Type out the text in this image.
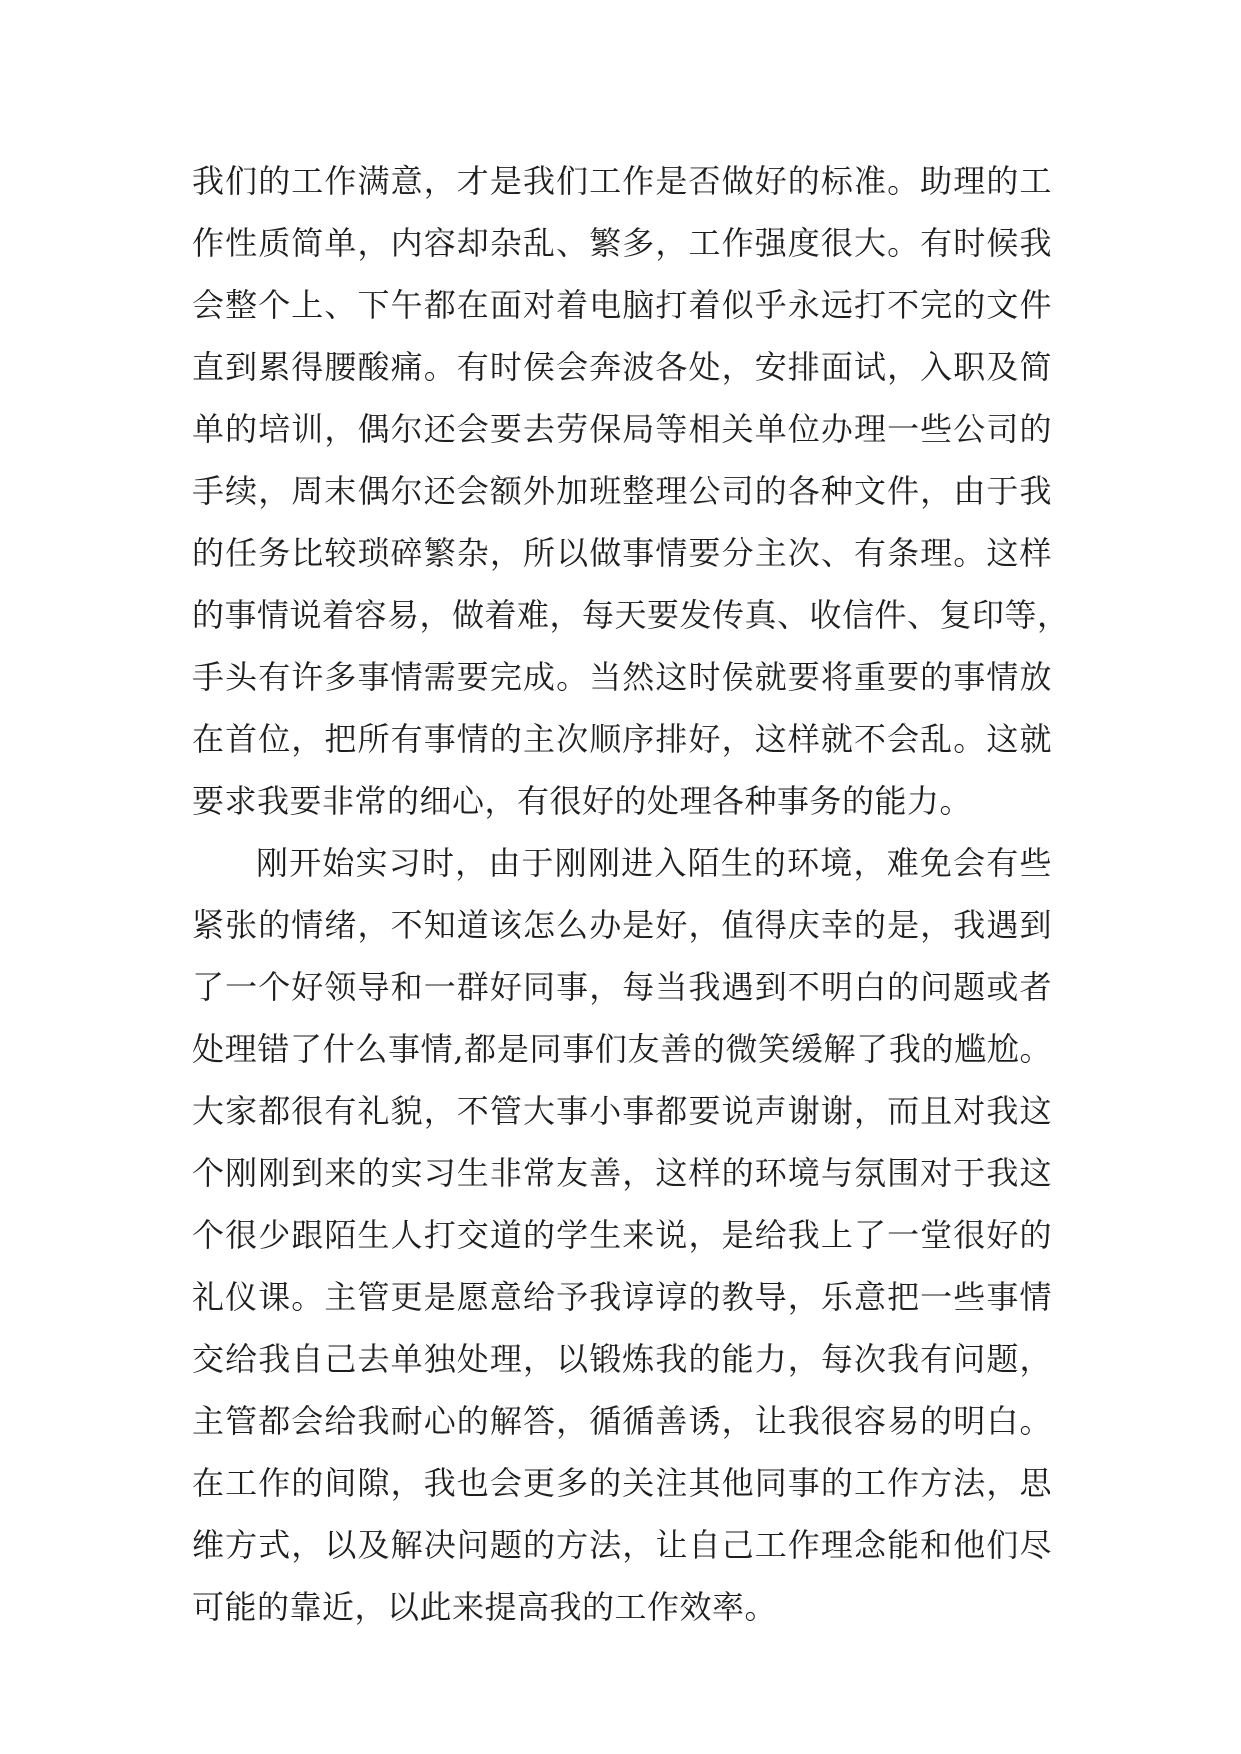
我们的工作满意，才是我们工作是否做好的标准。助理的工
作性质简单，内容却杂乱、繁多，工作强度很大。有时候我
会整个上、下午都在面对着电脑打着似乎永远打不完的文件
直到累得腰酸痛。有时侯会奔波各处，安排面试，入职及简
单的培训，偶尔还会要去劳保局等相关单位办理一些公司的
手续，周末偶尔还会额外加班整理公司的各种文件，由于我
的任务比较琐碎繁杂，所以做事情要分主次、有条理。这样
的事情说着容易，做着难，每天要发传真、收信件、复印等，
手头有许多事情需要完成。当然这时侯就要将重要的事情放
在首位，把所有事情的主次顺序排好，这样就不会乱。这就
要求我要非常的细心，有很好的处理各种事务的能力。
刚开始实习时，由于刚刚进入陌生的环境，难免会有些
紧张的情绪，不知道该怎么办是好，值得庆幸的是，我遇到
了一个好领导和一群好同事，每当我遇到不明白的问题或者
处理错了什么事情,都是同事们友善的微笑缓解了我的尴尬。
大家都很有礼貌，不管大事小事都要说声谢谢，而且对我这
个刚刚到来的实习生非常友善，这样的环境与氛围对于我这
个很少跟陌生人打交道的学生来说，是给我上了一堂很好的
礼仪课。主管更是愿意给予我谆谆的教导，乐意把一些事情
交给我自己去单独处理，以锻炼我的能力，每次我有问题，
主管都会给我耐心的解答，循循善诱，让我很容易的明白。
在工作的间隙，我也会更多的关注其他同事的工作方法，思
维方式，以及解决问题的方法，让自己工作理念能和他们尽
可能的靠近，以此来提高我的工作效率。
